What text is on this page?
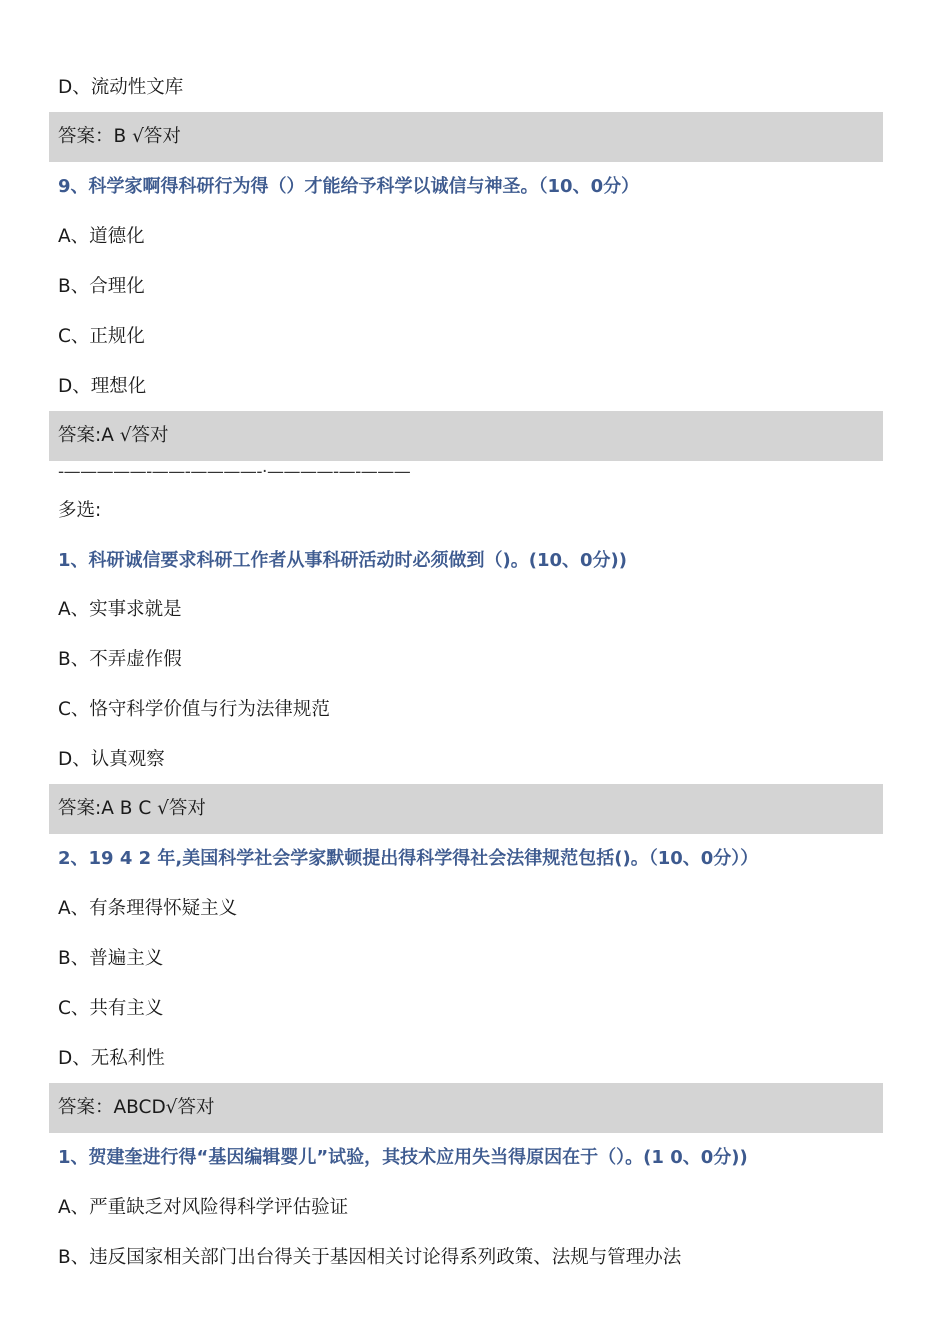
D、流动性文库
答案：B √答对
9、科学家啊得科研行为得（）才能给予科学以诚信与神圣。（10、0分）
A、道德化
B、合理化
C、正规化
D、理想化
答案:A √答对
-—————-——-————-·————-—-———
多选:
1、科研诚信要求科研工作者从事科研活动时必须做到（)。(10、0分))
A、实事求就是
B、不弄虚作假
C、恪守科学价值与行为法律规范
D、认真观察
答案:A B C √答对
2、19 4 2 年,美国科学社会学家默顿提出得科学得社会法律规范包括()。（10、0分））
A、有条理得怀疑主义
B、普遍主义
C、共有主义
D、无私利性
答案：ABCD√答对
1、贺建奎进行得“基因编辑婴儿”试验，其技术应用失当得原因在于（）。(1 0、0分))
A、严重缺乏对风险得科学评估验证
B、违反国家相关部门出台得关于基因相关讨论得系列政策、法规与管理办法
